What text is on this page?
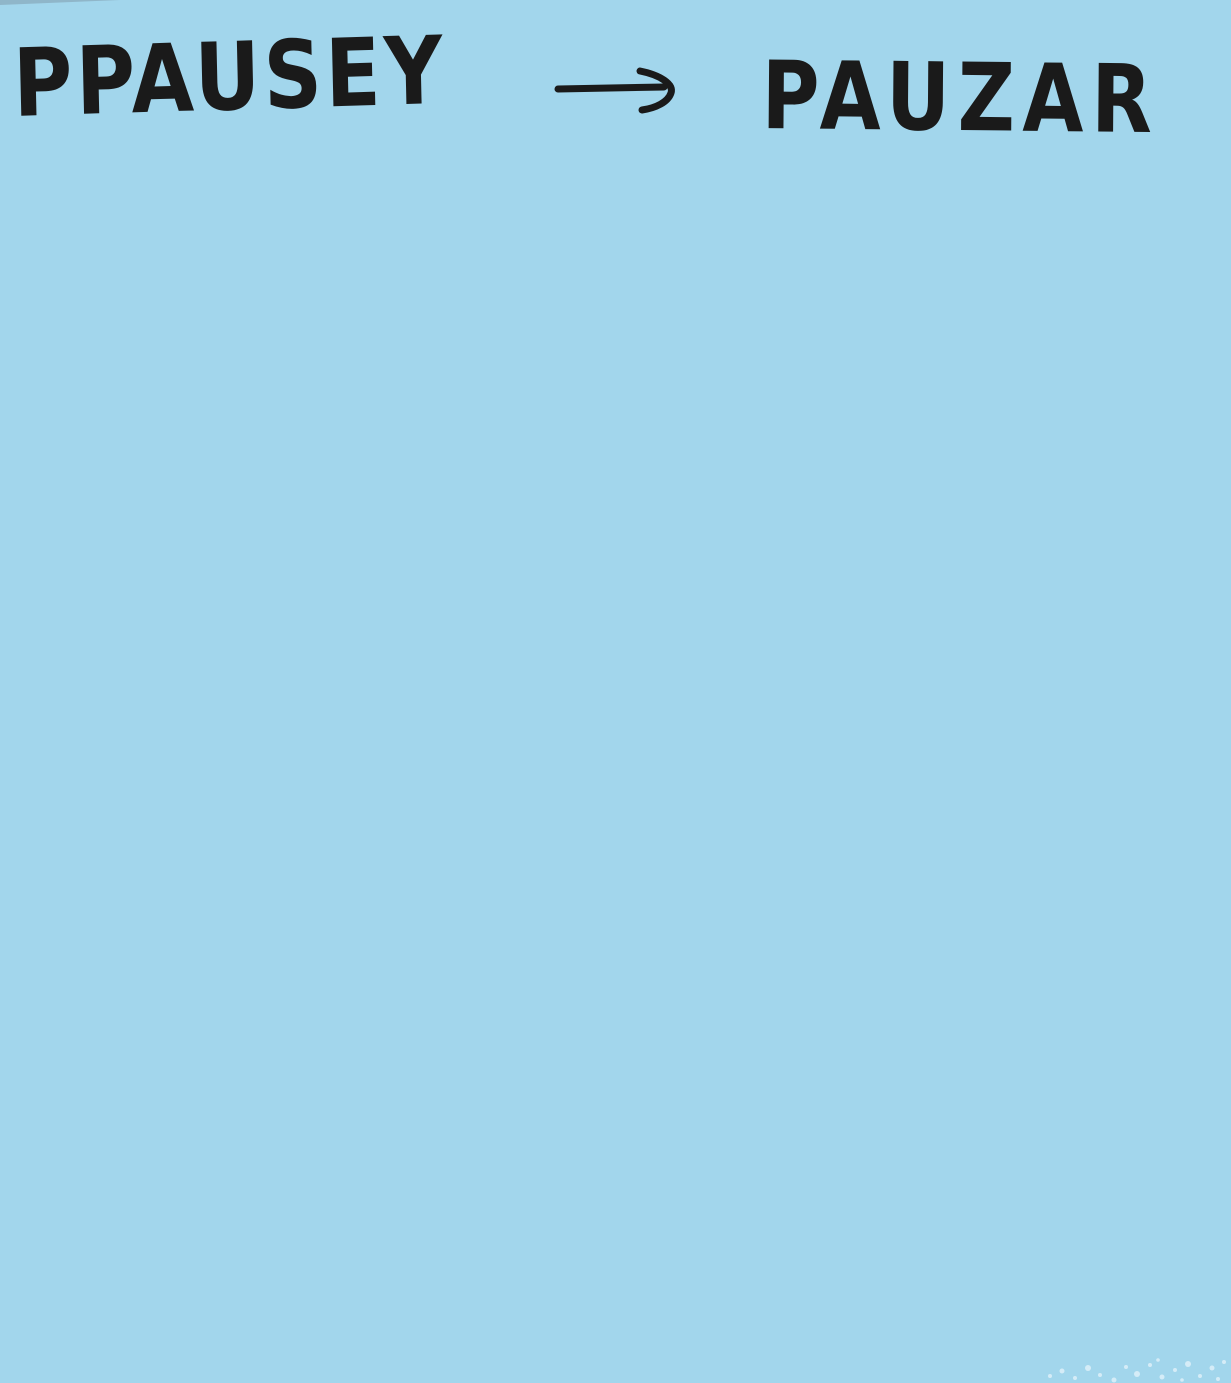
PPAUSEY	PAUZAR
